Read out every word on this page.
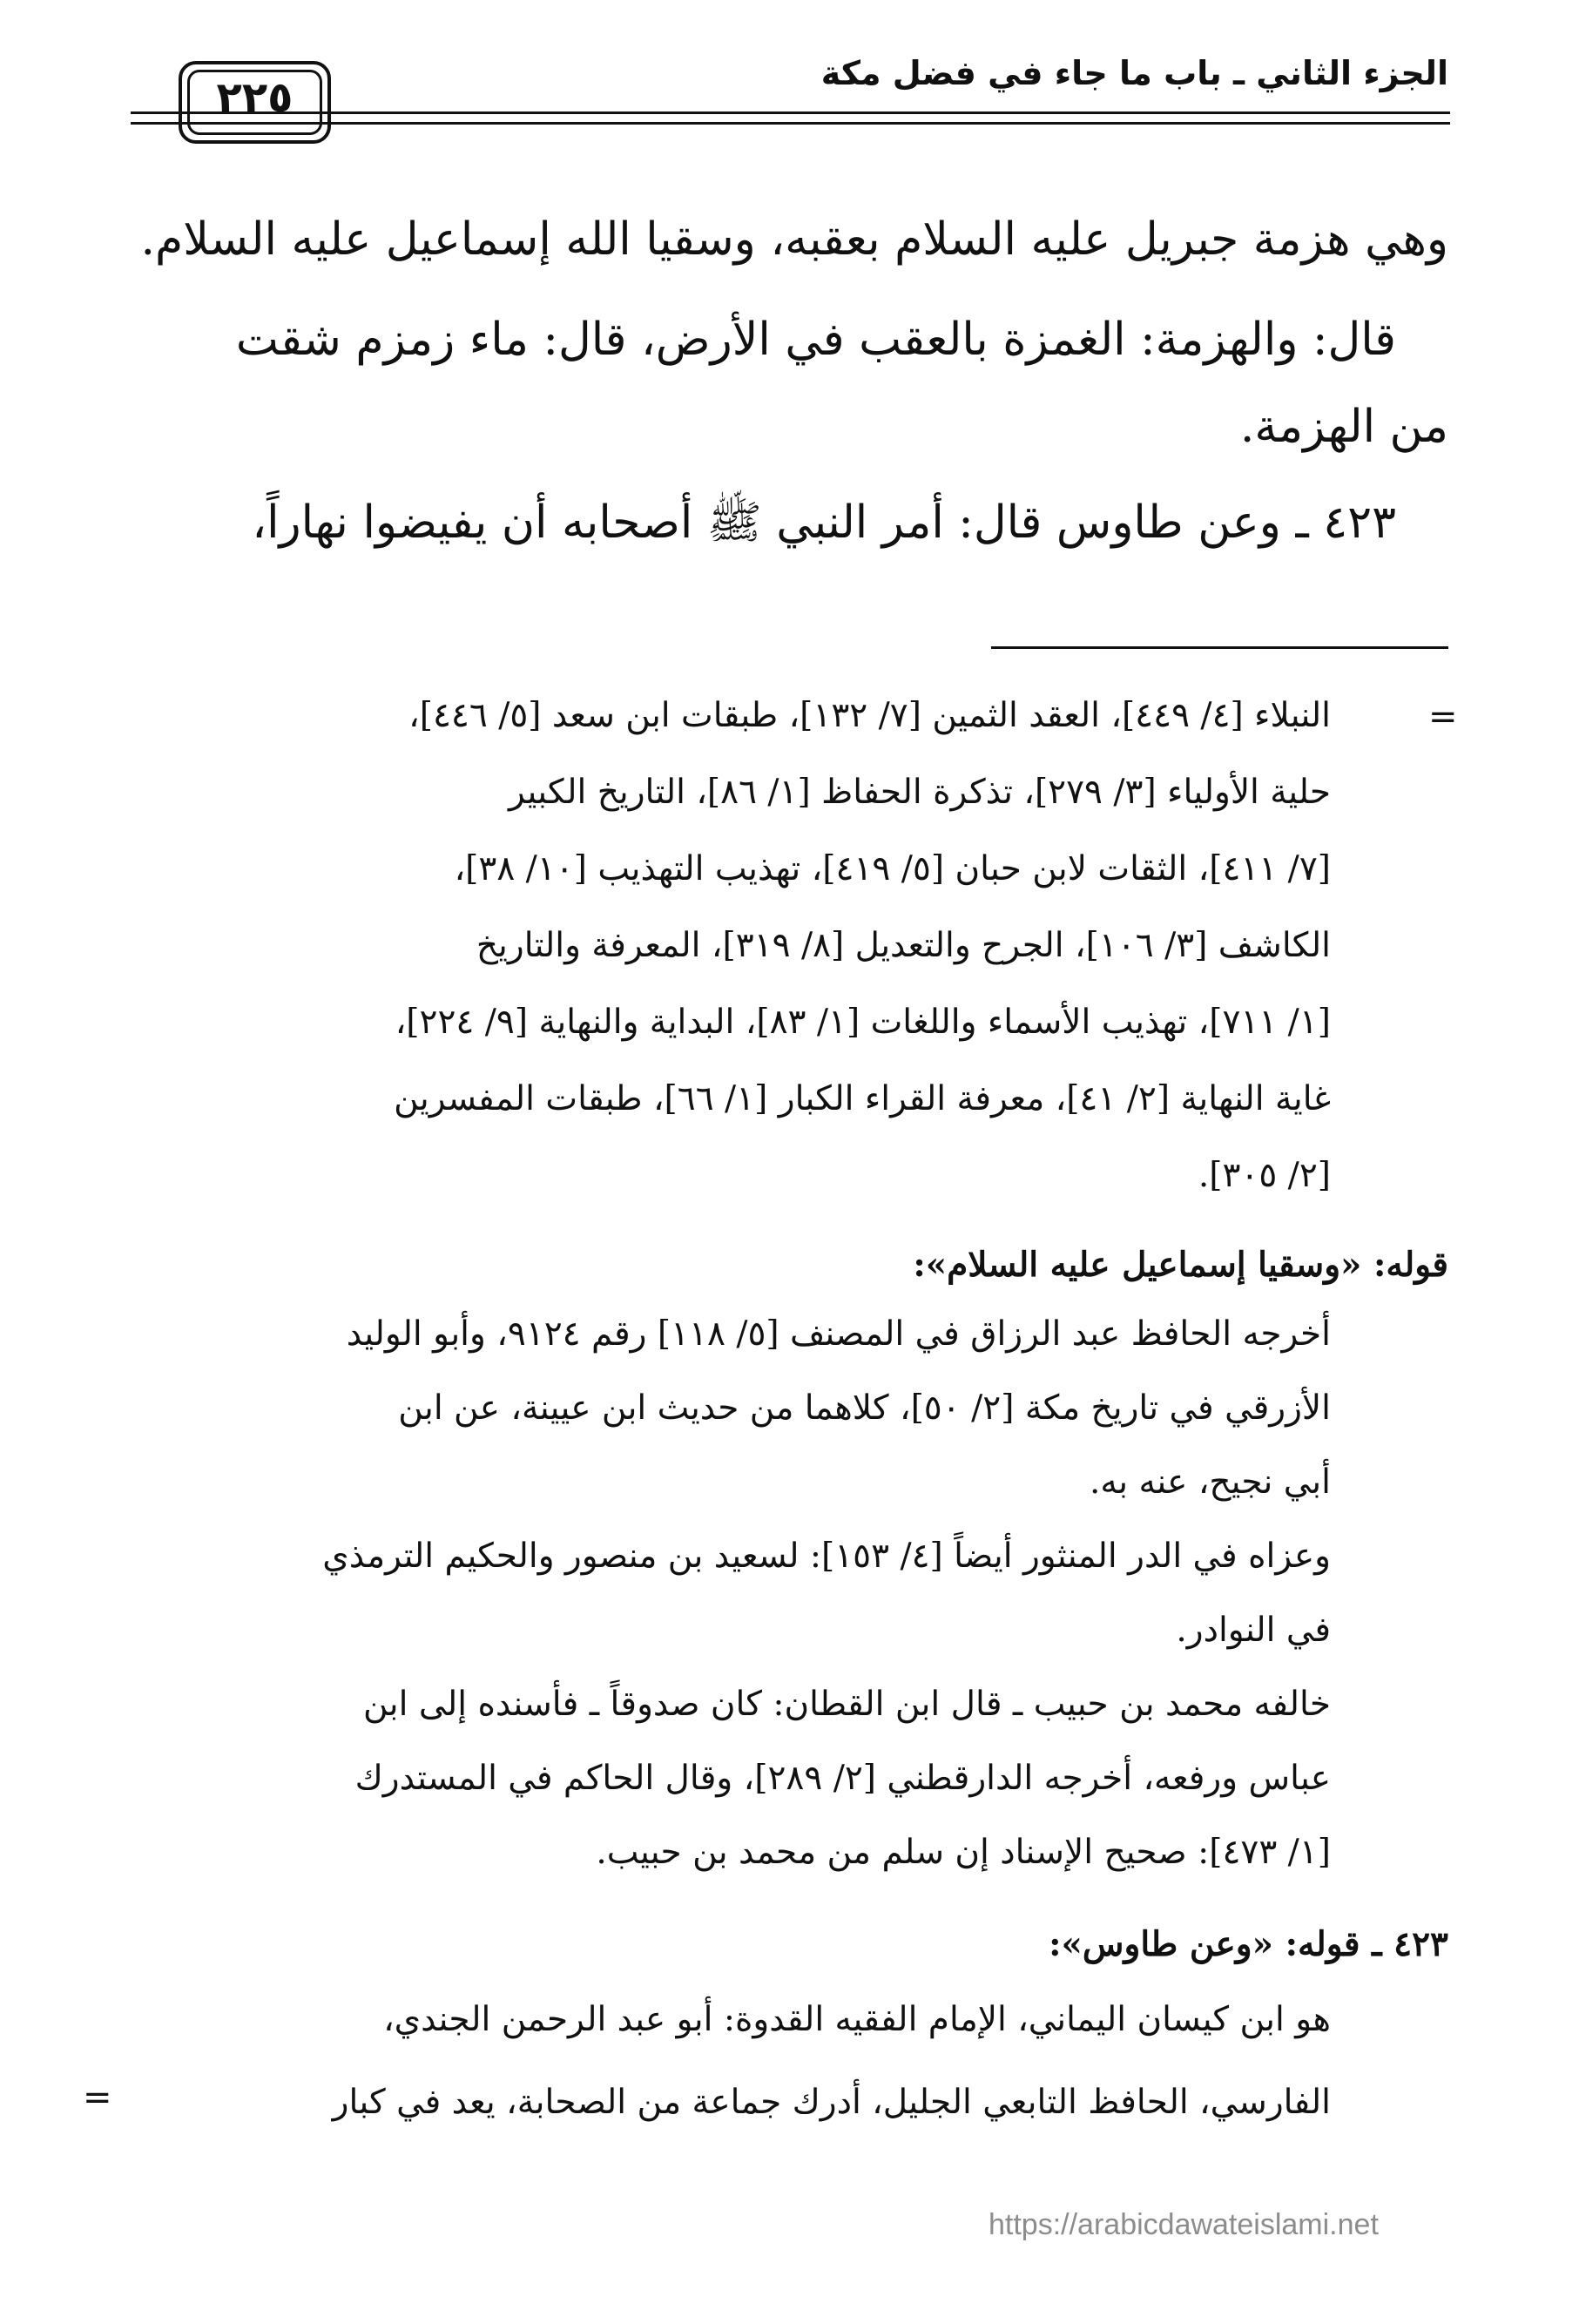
الجزء الثاني ـ باب ما جاء في فضل مكة
٢٢٥
وهي هزمة جبريل عليه السلام بعقبه، وسقيا الله إسماعيل عليه السلام.
قال: والهزمة: الغمزة بالعقب في الأرض، قال: ماء زمزم شقت
من الهزمة.
٤٢٣ ـ وعن طاوس قال: أمر النبي ﷺ أصحابه أن يفيضوا نهاراً،
=
النبلاء [٤/ ٤٤٩]، العقد الثمين [٧/ ١٣٢]، طبقات ابن سعد [٥/ ٤٤٦]،
حلية الأولياء [٣/ ٢٧٩]، تذكرة الحفاظ [١/ ٨٦]، التاريخ الكبير
[٧/ ٤١١]، الثقات لابن حبان [٥/ ٤١٩]، تهذيب التهذيب [١٠/ ٣٨]،
الكاشف [٣/ ١٠٦]، الجرح والتعديل [٨/ ٣١٩]، المعرفة والتاريخ
[١/ ٧١١]، تهذيب الأسماء واللغات [١/ ٨٣]، البداية والنهاية [٩/ ٢٢٤]،
غاية النهاية [٢/ ٤١]، معرفة القراء الكبار [١/ ٦٦]، طبقات المفسرين
[٢/ ٣٠٥].
قوله: «وسقيا إسماعيل عليه السلام»:
أخرجه الحافظ عبد الرزاق في المصنف [٥/ ١١٨] رقم ٩١٢٤، وأبو الوليد
الأزرقي في تاريخ مكة [٢/ ٥٠]، كلاهما من حديث ابن عيينة، عن ابن
أبي نجيح، عنه به.
وعزاه في الدر المنثور أيضاً [٤/ ١٥٣]: لسعيد بن منصور والحكيم الترمذي
في النوادر.
خالفه محمد بن حبيب ـ قال ابن القطان: كان صدوقاً ـ فأسنده إلى ابن
عباس ورفعه، أخرجه الدارقطني [٢/ ٢٨٩]، وقال الحاكم في المستدرك
[١/ ٤٧٣]: صحيح الإسناد إن سلم من محمد بن حبيب.
٤٢٣ ـ قوله: «وعن طاوس»:
هو ابن كيسان اليماني، الإمام الفقيه القدوة: أبو عبد الرحمن الجندي،
الفارسي، الحافظ التابعي الجليل، أدرك جماعة من الصحابة، يعد في كبار
=
https://arabicdawateislami.net
